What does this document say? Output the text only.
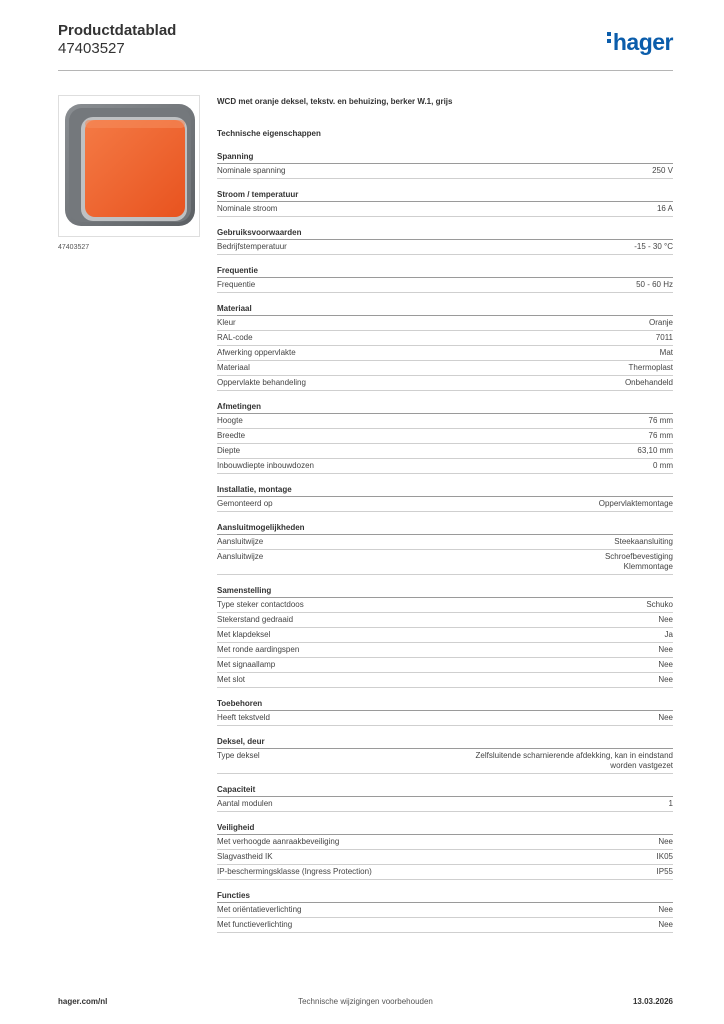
Productdatablad
47403527	hager
47403527
WCD met oranje deksel, tekstv. en behuizing, berker W.1, grijs
Technische eigenschappen
Spanning
Nominale spanning	250 V
Stroom / temperatuur
Nominale stroom	16 A
Gebruiksvoorwaarden
Bedrijfstemperatuur	-15 - 30 °C
Frequentie
Frequentie	50 - 60 Hz
Materiaal
Kleur	Oranje
RAL-code	7011
Afwerking oppervlakte	Mat
Materiaal	Thermoplast
Oppervlakte behandeling	Onbehandeld
Afmetingen
Hoogte	76 mm
Breedte	76 mm
Diepte	63,10 mm
Inbouwdiepte inbouwdozen	0 mm
Installatie, montage
Gemonteerd op	Oppervlaktemontage
Aansluitmogelijkheden
Aansluitwijze	Steekaansluiting
Aansluitwijze	Schroefbevestiging
Klemmontage
Samenstelling
Type steker contactdoos	Schuko
Stekerstand gedraaid	Nee
Met klapdeksel	Ja
Met ronde aardingspen	Nee
Met signaallamp	Nee
Met slot	Nee
Toebehoren
Heeft tekstveld	Nee
Deksel, deur
Type deksel	Zelfsluitende scharnierende afdekking, kan in eindstand
worden vastgezet
Capaciteit
Aantal modulen	1
Veiligheid
Met verhoogde aanraakbeveiliging	Nee
Slagvastheid IK	IK05
IP-beschermingsklasse (Ingress Protection)	IP55
Functies
Met oriëntatieverlichting	Nee
Met functieverlichting	Nee
hager.com/nl	Technische wijzigingen voorbehouden	13.03.2026
